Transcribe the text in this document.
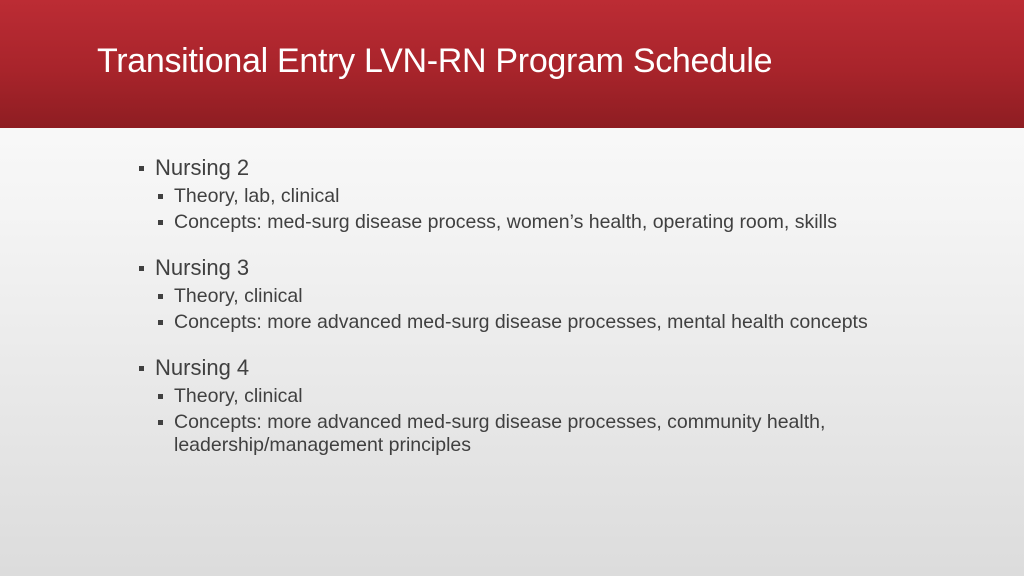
Transitional Entry LVN-RN Program Schedule
Nursing 2
Theory, lab, clinical
Concepts: med-surg disease process, women’s health, operating room, skills
Nursing 3
Theory, clinical
Concepts: more advanced med-surg disease processes, mental health concepts
Nursing 4
Theory, clinical
Concepts: more advanced med-surg disease processes, community health, leadership/management principles
